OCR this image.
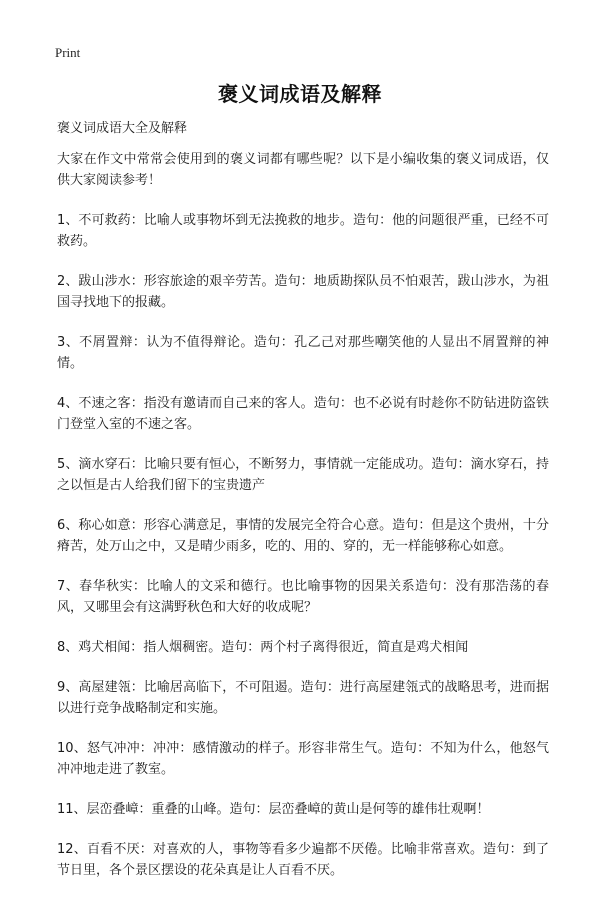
Print
褒义词成语及解释

褒义词成语大全及解释

大家在作文中常常会使用到的褒义词都有哪些呢？以下是小编收集的褒义词成语，仅供大家阅读参考！

1、不可救药：比喻人或事物坏到无法挽救的地步。造句：他的问题很严重，已经不可救药。

2、跋山涉水：形容旅途的艰辛劳苦。造句：地质勘探队员不怕艰苦，跋山涉水，为祖国寻找地下的报藏。

3、不屑置辩：认为不值得辩论。造句：孔乙己对那些嘲笑他的人显出不屑置辩的神情。

4、不速之客：指没有邀请而自己来的客人。造句：也不必说有时趁你不防钻进防盗铁门登堂入室的不速之客。

5、滴水穿石：比喻只要有恒心，不断努力，事情就一定能成功。造句：滴水穿石，持之以恒是古人给我们留下的宝贵遗产

6、称心如意：形容心满意足，事情的发展完全符合心意。造句：但是这个贵州，十分瘠苦，处万山之中，又是晴少雨多，吃的、用的、穿的，无一样能够称心如意。

7、春华秋实：比喻人的文采和德行。也比喻事物的因果关系造句：没有那浩荡的春风，又哪里会有这满野秋色和大好的收成呢？

8、鸡犬相闻：指人烟稠密。造句：两个村子离得很近，简直是鸡犬相闻

9、高屋建瓴：比喻居高临下，不可阻遏。造句：进行高屋建瓴式的战略思考，进而据以进行竞争战略制定和实施。

10、怒气冲冲：冲冲：感情激动的样子。形容非常生气。造句：不知为什么，他怒气冲冲地走进了教室。

11、层峦叠嶂：重叠的山峰。造句：层峦叠嶂的黄山是何等的雄伟壮观啊！

12、百看不厌：对喜欢的人，事物等看多少遍都不厌倦。比喻非常喜欢。造句：到了节日里，各个景区摆设的花朵真是让人百看不厌。
